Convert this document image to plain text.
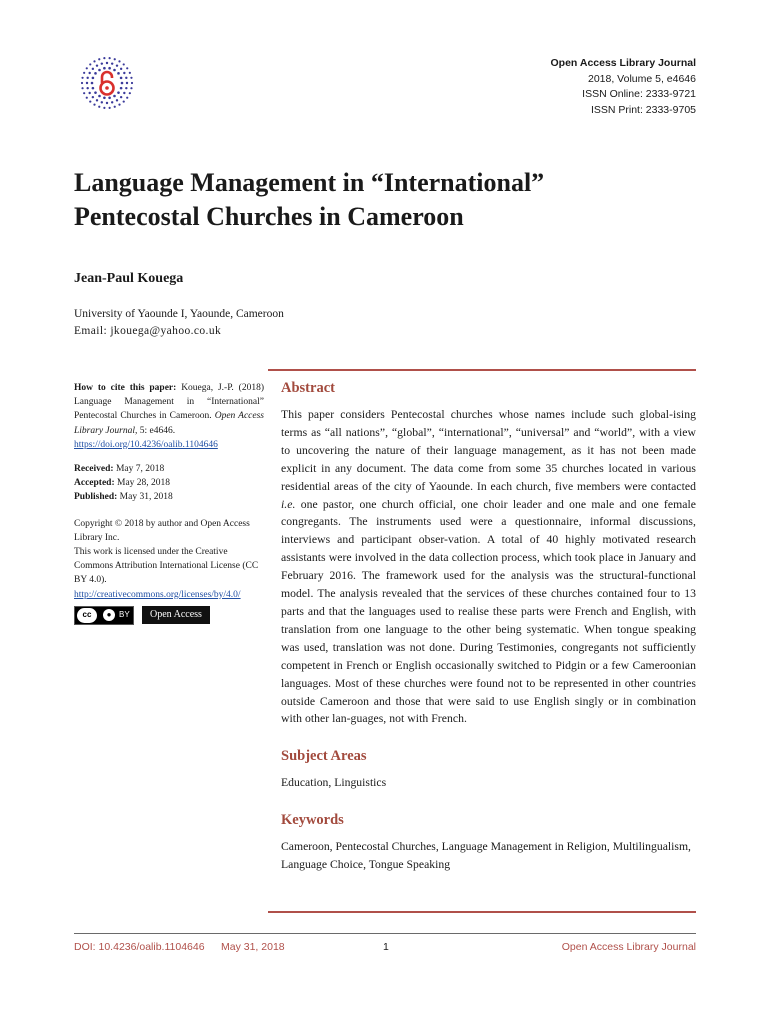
Open Access Library Journal
2018, Volume 5, e4646
ISSN Online: 2333-9721
ISSN Print: 2333-9705
Language Management in “International”
Pentecostal Churches in Cameroon
Jean-Paul Kouega
University of Yaounde I, Yaounde, Cameroon
Email: jkouega@yahoo.co.uk

How to cite this paper: Kouega, J.-P. (2018) Language Management in “International” Pentecostal Churches in Cameroon. Open Access Library Journal, 5: e4646.
https://doi.org/10.4236/oalib.1104646

Received: May 7, 2018
Accepted: May 28, 2018
Published: May 31, 2018

Copyright © 2018 by author and Open Access Library Inc.

This work is licensed under the Creative Commons Attribution International License (CC BY 4.0).

http://creativecommons.org/licenses/by/4.0/

cc	● BY	Open Access
Abstract

This paper considers Pentecostal churches whose names include such global-ising terms as “all nations”, “global”, “international”, “universal” and “world”, with a view to uncovering the nature of their language management, as it has not been made explicit in any document. The data come from some 35 churches located in various residential areas of the city of Yaounde. In each church, five members were contacted i.e. one pastor, one church official, one choir leader and one male and one female congregants. The instruments used were a questionnaire, informal discussions, interviews and participant obser-vation. A total of 40 highly motivated research assistants were involved in the data collection process, which took place in January and February 2016. The framework used for the analysis was the structural-functional model. The analysis revealed that the services of these churches contained four to 13 parts and that the languages used to realise these parts were French and English, with translation from one language to the other being systematic. When tongue speaking was used, translation was not done. During Testimonies, congregants not sufficiently competent in French or English occasionally switched to Pidgin or a few Cameroonian languages. Most of these churches were found not to be represented in other countries outside Cameroon and those that were said to use English singly or in combination with other lan-guages, not with French.

Subject Areas

Education, Linguistics

Keywords

Cameroon, Pentecostal Churches, Language Management in Religion, Multilingualism, Language Choice, Tongue Speaking

DOI: 10.4236/oalib.1104646 May 31, 2018	1	Open Access Library Journal
